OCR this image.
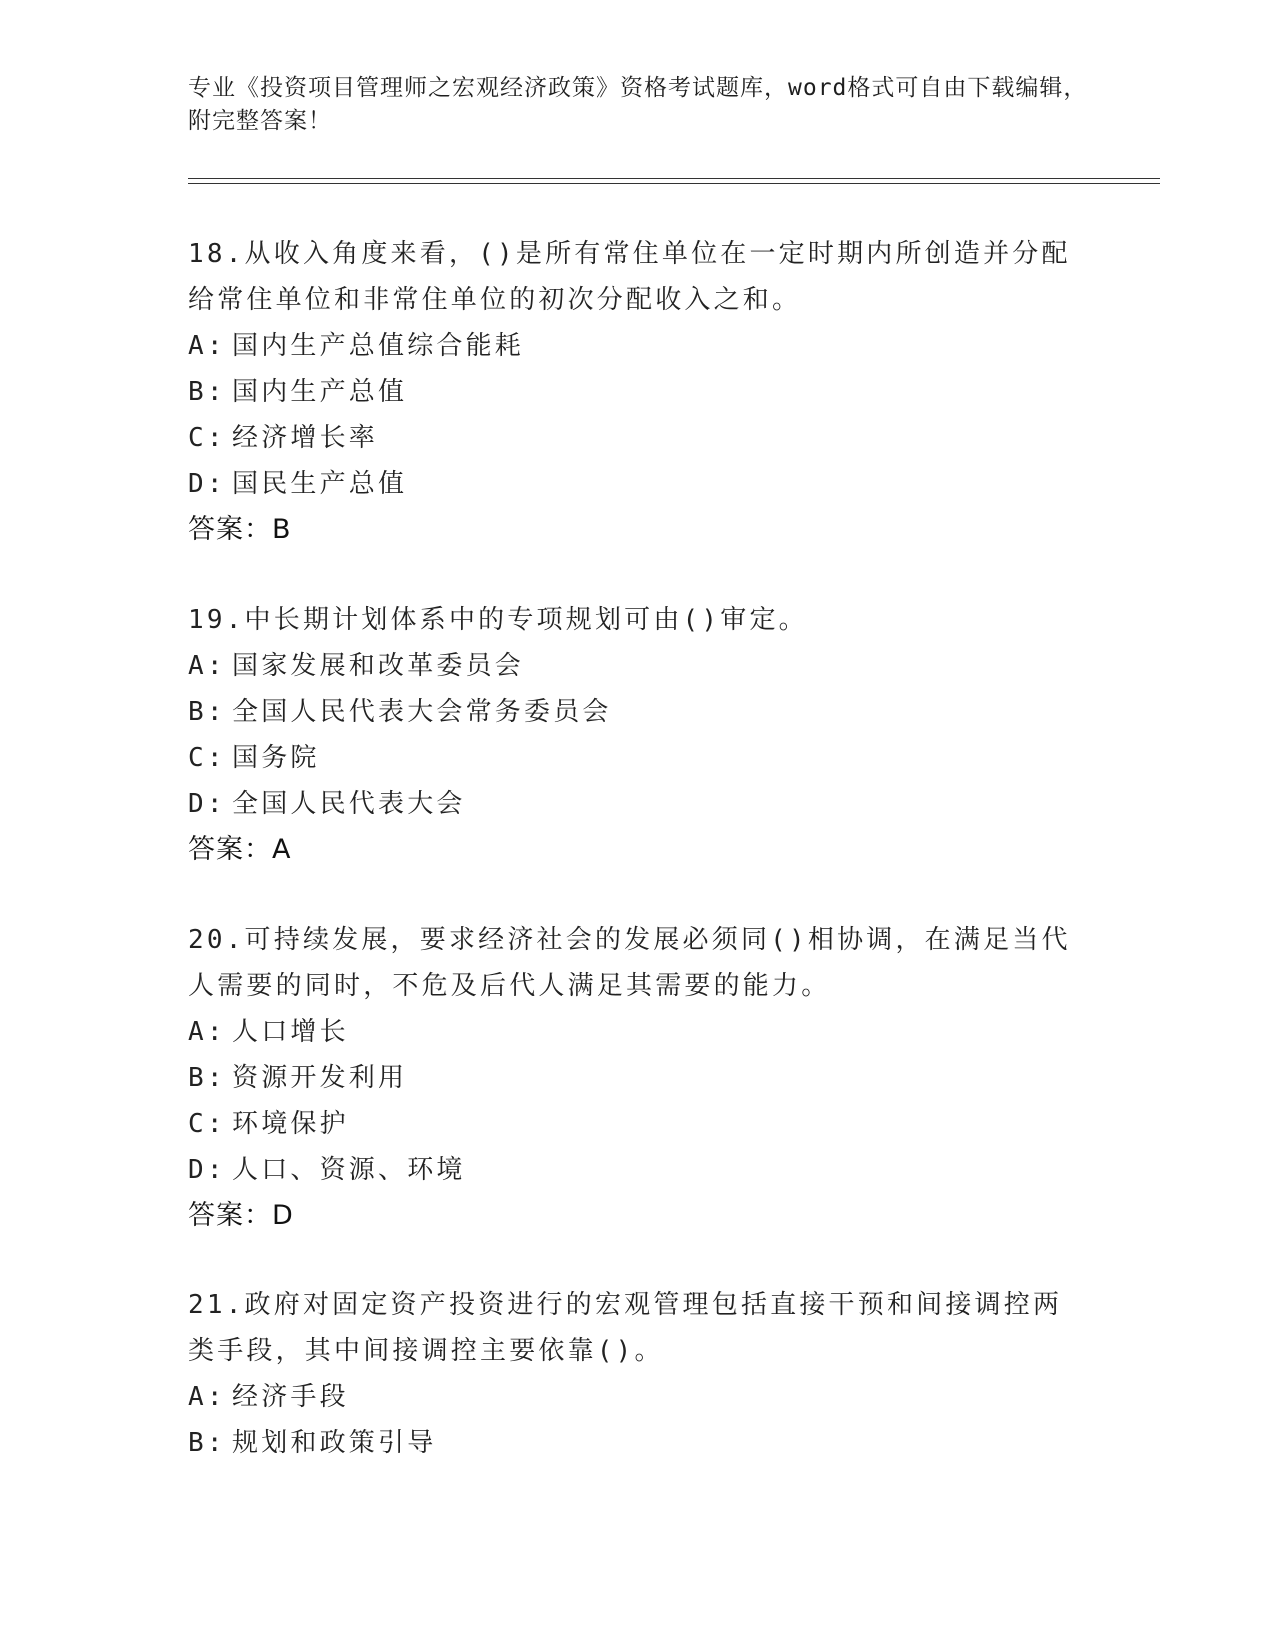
专业《投资项目管理师之宏观经济政策》资格考试题库，word格式可自由下载编辑，附完整答案！
18.从收入角度来看，()是所有常住单位在一定时期内所创造并分配给常住单位和非常住单位的初次分配收入之和。
A: 国内生产总值综合能耗
B: 国内生产总值
C: 经济增长率
D: 国民生产总值
答案：B
19.中长期计划体系中的专项规划可由()审定。
A: 国家发展和改革委员会
B: 全国人民代表大会常务委员会
C: 国务院
D: 全国人民代表大会
答案：A
20.可持续发展，要求经济社会的发展必须同()相协调，在满足当代人需要的同时，不危及后代人满足其需要的能力。
A: 人口增长
B: 资源开发利用
C: 环境保护
D: 人口、资源、环境
答案：D
21.政府对固定资产投资进行的宏观管理包括直接干预和间接调控两类手段，其中间接调控主要依靠()。
A: 经济手段
B: 规划和政策引导
